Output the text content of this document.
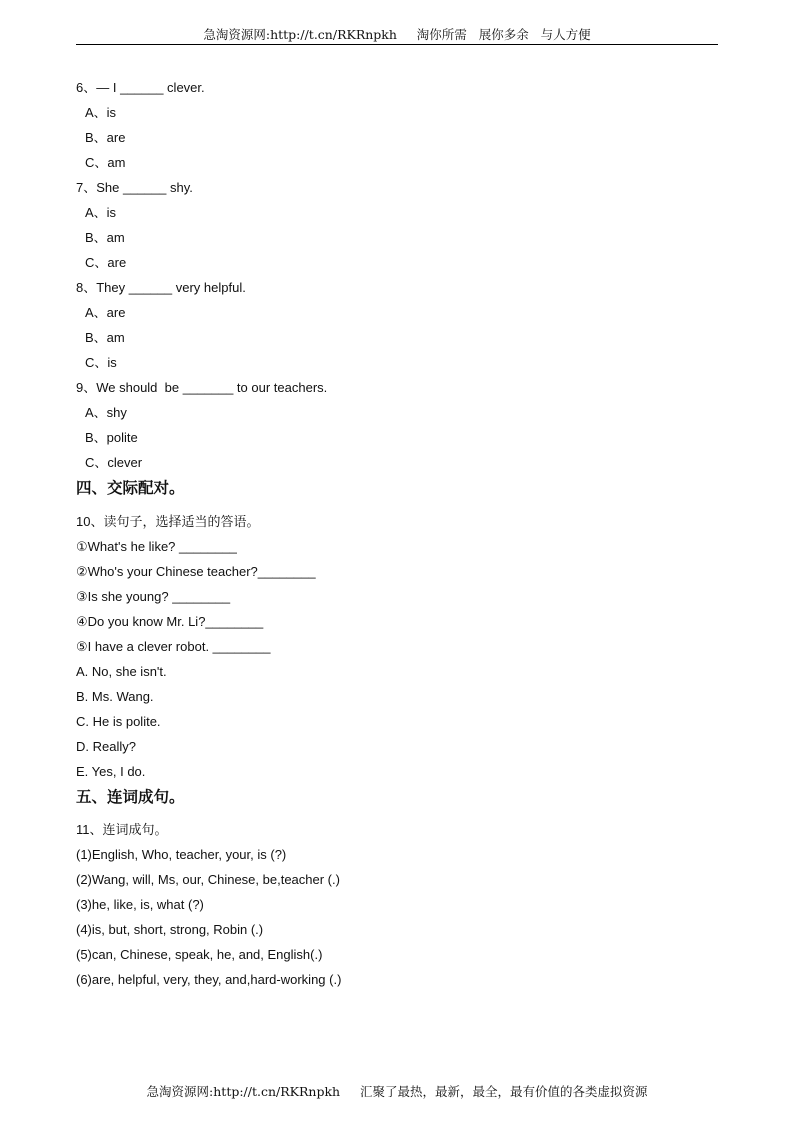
急淘资源网:http://t.cn/RKRnpkh     淘你所需   展你多余   与人方便
6、— I ______ clever.
A、is
B、are
C、am
7、She ______ shy.
A、is
B、am
C、are
8、They ______ very helpful.
A、are
B、am
C、is
9、We should  be _______ to our teachers.
A、shy
B、polite
C、clever
四、交际配对。
10、读句子，选择适当的答语。
①What's he like? ________
②Who's your Chinese teacher?________
③Is she young? ________
④Do you know Mr. Li?________
⑤I have a clever robot. ________
A. No, she isn't.
B. Ms. Wang.
C. He is polite.
D. Really?
E. Yes, I do.
五、连词成句。
11、连词成句。
(1)English, Who, teacher, your, is (?)
(2)Wang, will, Ms, our, Chinese, be,teacher (.)
(3)he, like, is, what (?)
(4)is, but, short, strong, Robin (.)
(5)can, Chinese, speak, he, and, English(.)
(6)are, helpful, very, they, and,hard-working (.)
急淘资源网:http://t.cn/RKRnpkh     汇聚了最热，最新，最全，最有价值的各类虚拟资源
